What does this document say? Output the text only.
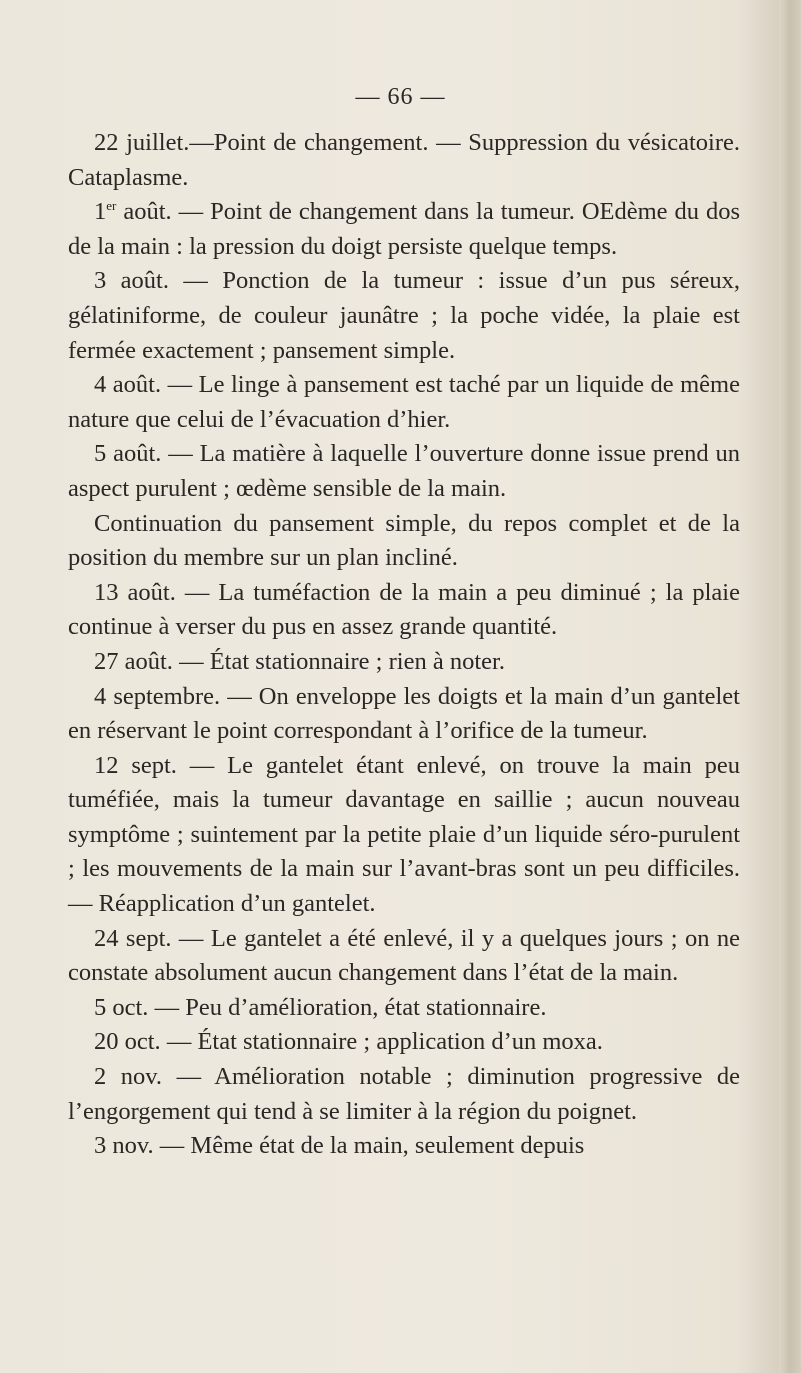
— 66 —

22 juillet.—Point de changement. — Suppression du vésicatoire. Cataplasme.

1er août. — Point de changement dans la tumeur. OEdème du dos de la main : la pression du doigt persiste quelque temps.

3 août. — Ponction de la tumeur : issue d’un pus séreux, gélatiniforme, de couleur jaunâtre ; la poche vidée, la plaie est fermée exactement ; pansement simple.

4 août. — Le linge à pansement est taché par un liquide de même nature que celui de l’évacuation d’hier.

5 août. — La matière à laquelle l’ouverture donne issue prend un aspect purulent ; œdème sensible de la main.

Continuation du pansement simple, du repos complet et de la position du membre sur un plan incliné.

13 août. — La tuméfaction de la main a peu diminué ; la plaie continue à verser du pus en assez grande quantité.

27 août. — État stationnaire ; rien à noter.

4 septembre. — On enveloppe les doigts et la main d’un gantelet en réservant le point correspondant à l’orifice de la tumeur.

12 sept. — Le gantelet étant enlevé, on trouve la main peu tuméfiée, mais la tumeur davantage en saillie ; aucun nouveau symptôme ; suintement par la petite plaie d’un liquide séro-purulent ; les mouvements de la main sur l’avant-bras sont un peu difficiles. — Réapplication d’un gantelet.

24 sept. — Le gantelet a été enlevé, il y a quelques jours ; on ne constate absolument aucun changement dans l’état de la main.

5 oct. — Peu d’amélioration, état stationnaire.

20 oct. — État stationnaire ; application d’un moxa.

2 nov. — Amélioration notable ; diminution progressive de l’engorgement qui tend à se limiter à la région du poignet.

3 nov. — Même état de la main, seulement depuis
